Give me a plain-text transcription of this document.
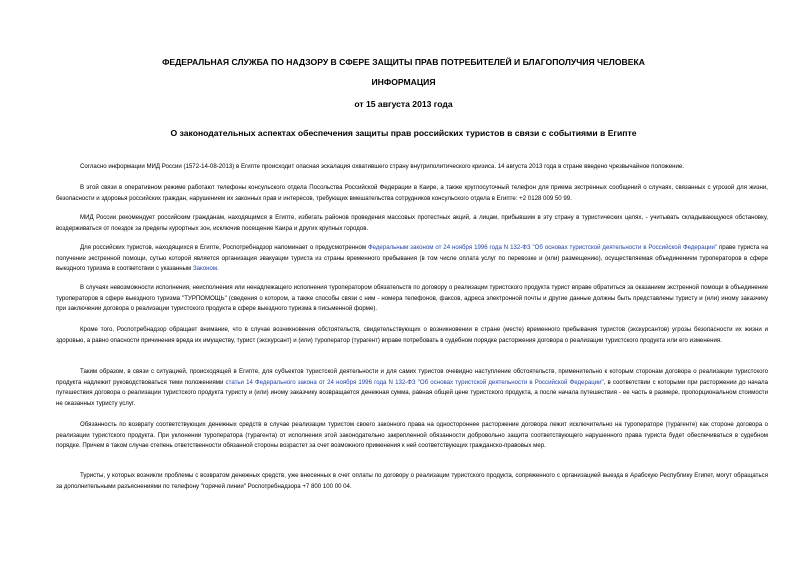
ФЕДЕРАЛЬНАЯ СЛУЖБА ПО НАДЗОРУ В СФЕРЕ ЗАЩИТЫ ПРАВ ПОТРЕБИТЕЛЕЙ И БЛАГОПОЛУЧИЯ ЧЕЛОВЕКА
ИНФОРМАЦИЯ
от 15 августа 2013 года
О законодательных аспектах обеспечения защиты прав российских туристов в связи с событиями в Египте
Согласно информации МИД России (1572-14-08-2013) в Египте происходит опасная эскалация охватившего страну внутриполитического кризиса. 14 августа 2013 года в стране введено чрезвычайное положение.
В этой связи в оперативном режиме работают телефоны консульского отдела Посольства Российской Федерации в Каире, а также круглосуточный телефон для приема экстренных сообщений о случаях, связанных с угрозой для жизни, безопасности и здоровья российских граждан, нарушением их законных прав и интересов, требующих вмешательства сотрудников консульского отдела в Египте: +2 0128 009 50 99.
МИД России рекомендует российским гражданам, находящимся в Египте, избегать районов проведения массовых протестных акций, а лицам, прибывшим в эту страну в туристических целях, - учитывать складывающуюся обстановку, воздерживаться от поездок за пределы курортных зон, исключив посещение Каира и других крупных городов.
Для российских туристов, находящихся в Египте, Роспотребнадзор напоминает о предусмотренном Федеральным законом от 24 ноября 1996 года N 132-ФЗ "Об основах туристской деятельности в Российской Федерации" праве туриста на получение экстренной помощи, сутью которой является организация эвакуации туриста из страны временного пребывания (в том числе оплата услуг по перевозке и (или) размещению), осуществляемая объединением туроператоров в сфере выездного туризма в соответствии с указанным Законом.
В случаях невозможности исполнения, неисполнения или ненадлежащего исполнения туроператором обязательств по договору о реализации туристского продукта турист вправе обратиться за оказанием экстренной помощи в объединение туроператоров в сфере выездного туризма "ТУРПОМОЩЬ" (сведения о котором, а также способы связи с ним - номера телефонов, факсов, адреса электронной почты и другие данные должны быть представлены туристу и (или) иному заказчику при заключении договора о реализации туристского продукта в сфере выездного туризма в письменной форме).
Кроме того, Роспотребнадзор обращает внимание, что в случае возникновения обстоятельств, свидетельствующих о возникновении в стране (месте) временного пребывания туристов (экскурсантов) угрозы безопасности их жизни и здоровью, а равно опасности причинения вреда их имуществу, турист (экскурсант) и (или) туроператор (турагент) вправе потребовать в судебном порядке расторжения договора о реализации туристского продукта или его изменения.
Таким образом, в связи с ситуацией, происходящей в Египте, для субъектов туристской деятельности и для самих туристов очевидно наступление обстоятельств, применительно к которым сторонам договора о реализации туристского продукта надлежит руководствоваться теми положениями статьи 14 Федерального закона от 24 ноября 1996 года N 132-ФЗ "Об основах туристской деятельности в Российской Федерации", в соответствии с которыми при расторжении до начала путешествия договора о реализации туристского продукта туристу и (или) иному заказчику возвращается денежная сумма, равная общей цене туристского продукта, а после начала путешествия - ее часть в размере, пропорциональном стоимости не оказанных туристу услуг.
Обязанность по возврату соответствующих денежных средств в случае реализации туристом своего законного права на одностороннее расторжение договора лежит исключительно на туроператоре (турагенте) как стороне договора о реализации туристского продукта. При уклонении туроператора (турагента) от исполнения этой законодательно закрепленной обязанности добровольно защита соответствующего нарушенного права туриста будет обеспечиваться в судебном порядке. Причем в таком случае степень ответственности обязанной стороны возрастет за счет возможного применения к ней соответствующих гражданско-правовых мер.
Туристы, у которых возникли проблемы с возвратом денежных средств, уже внесенных в счет оплаты по договору о реализации туристского продукта, сопряженного с организацией выезда в Арабскую Республику Египет, могут обращаться за дополнительными разъяснениями по телефону "горячей линии" Роспотребнадзора +7 800 100 00 04.
